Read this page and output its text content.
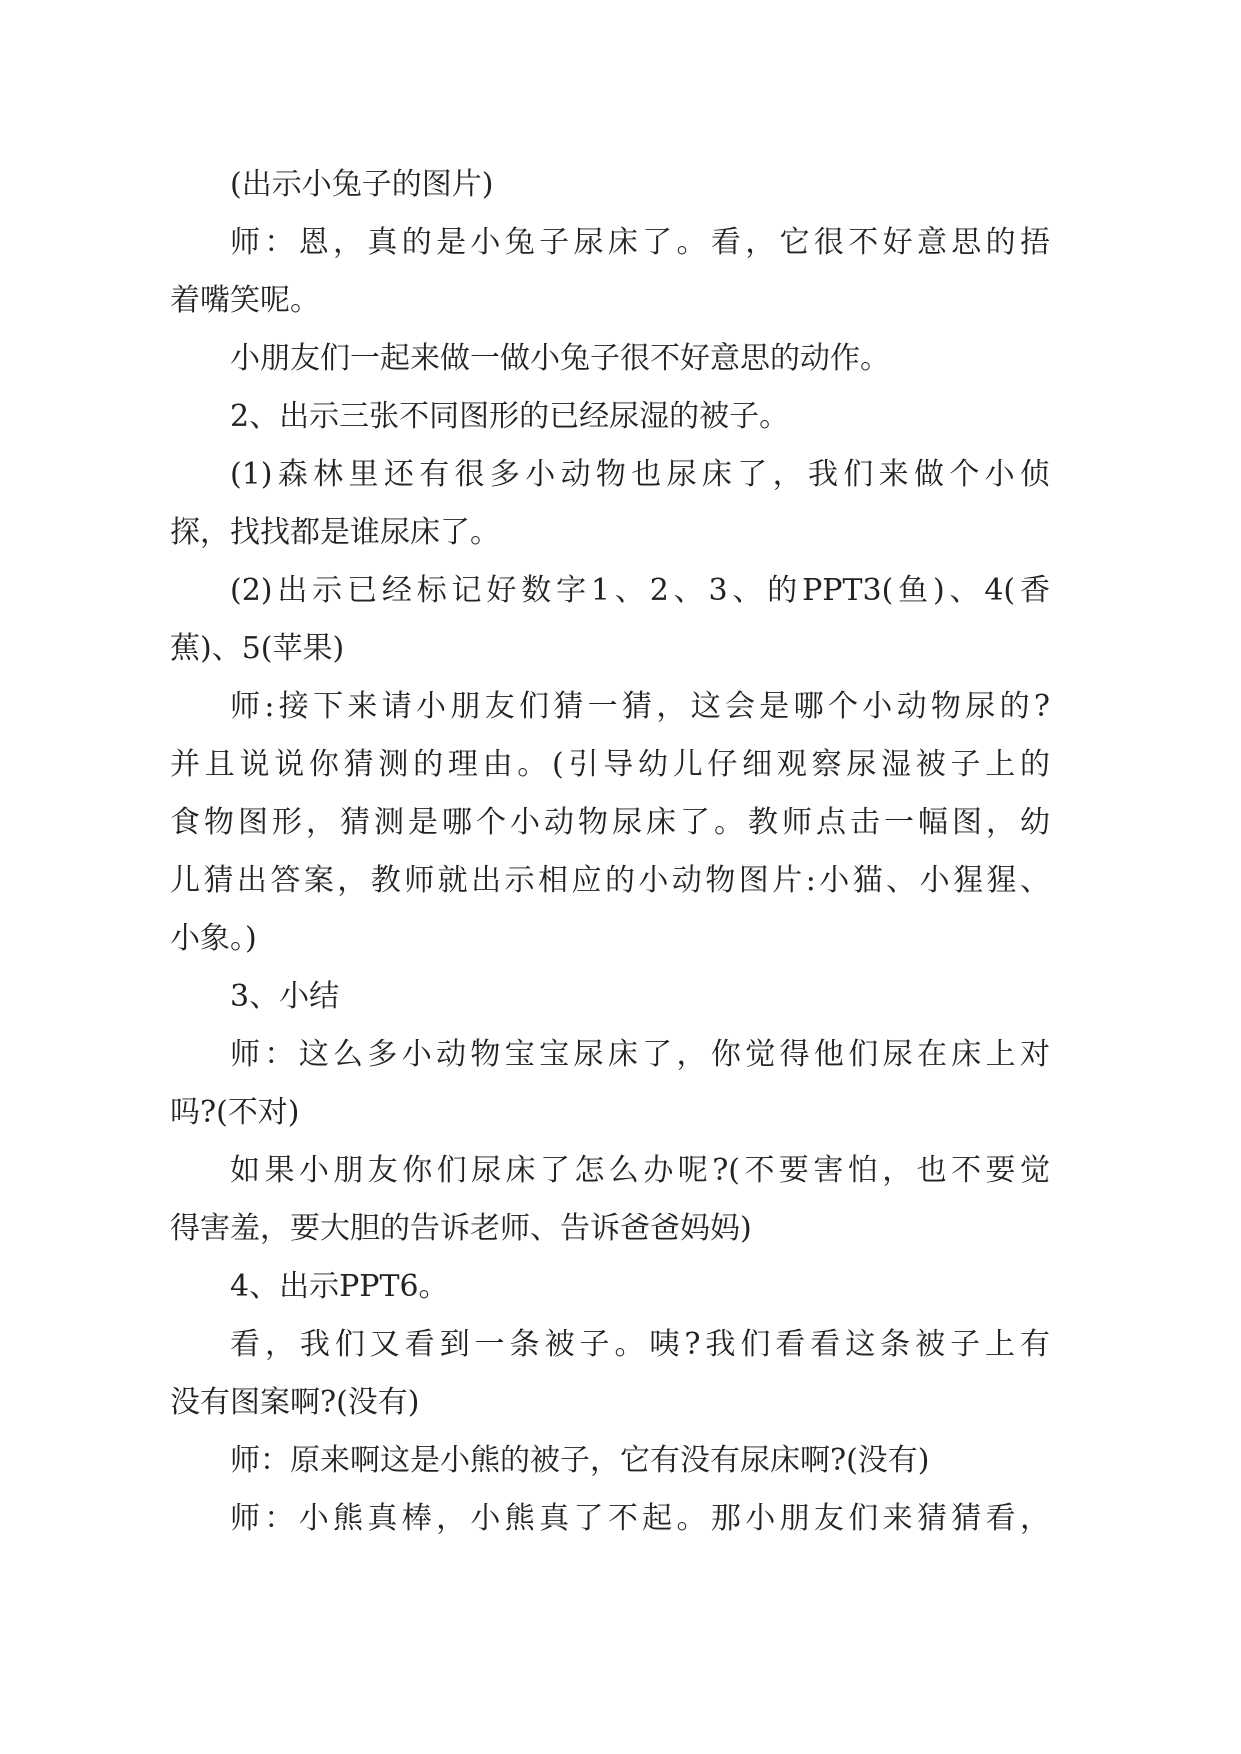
(出示小兔子的图片)
师：恩，真的是小兔子尿床了。看，它很不好意思的捂
着嘴笑呢。
小朋友们一起来做一做小兔子很不好意思的动作。
2、出示三张不同图形的已经尿湿的被子。
(1)森林里还有很多小动物也尿床了，我们来做个小侦
探，找找都是谁尿床了。
(2)出示已经标记好数字1、2、3、的PPT3(鱼)、4(香
蕉)、5(苹果)
师:接下来请小朋友们猜一猜，这会是哪个小动物尿的?
并且说说你猜测的理由。(引导幼儿仔细观察尿湿被子上的
食物图形，猜测是哪个小动物尿床了。教师点击一幅图，幼
儿猜出答案，教师就出示相应的小动物图片:小猫、小猩猩、
小象。)
3、小结
师：这么多小动物宝宝尿床了，你觉得他们尿在床上对
吗?(不对)
如果小朋友你们尿床了怎么办呢?(不要害怕，也不要觉
得害羞，要大胆的告诉老师、告诉爸爸妈妈)
4、出示PPT6。
看，我们又看到一条被子。咦?我们看看这条被子上有
没有图案啊?(没有)
师：原来啊这是小熊的被子，它有没有尿床啊?(没有)
师：小熊真棒，小熊真了不起。那小朋友们来猜猜看，
